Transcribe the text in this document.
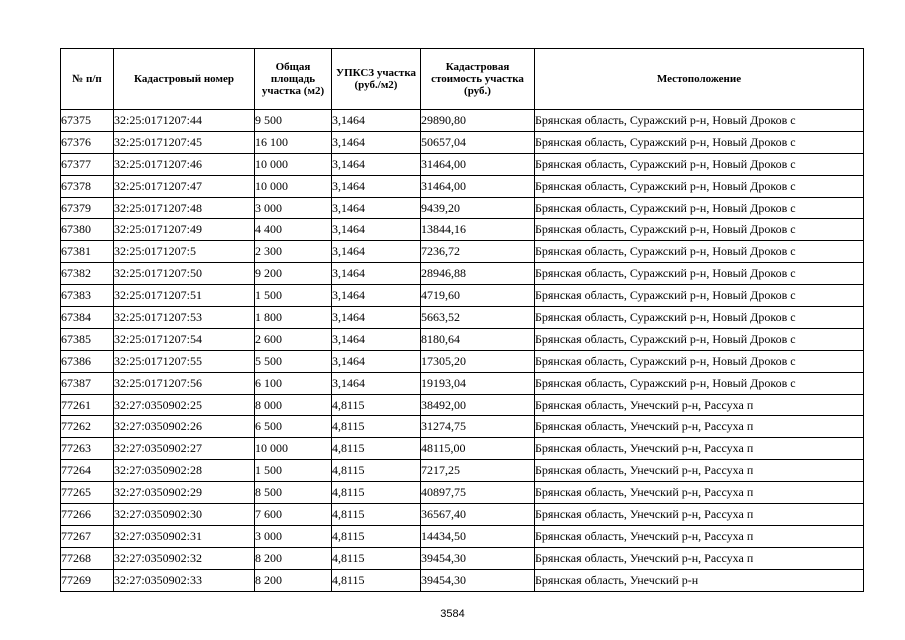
№ п/п	Кадастровый номер	Общая площадь участка (м2)	УПКСЗ участка (руб./м2)	Кадастровая стоимость участка (руб.)	Местоположение
67375	32:25:0171207:44	9 500	3,1464	29890,80	Брянская область, Суражский р-н, Новый Дроков с
67376	32:25:0171207:45	16 100	3,1464	50657,04	Брянская область, Суражский р-н, Новый Дроков с
67377	32:25:0171207:46	10 000	3,1464	31464,00	Брянская область, Суражский р-н, Новый Дроков с
67378	32:25:0171207:47	10 000	3,1464	31464,00	Брянская область, Суражский р-н, Новый Дроков с
67379	32:25:0171207:48	3 000	3,1464	9439,20	Брянская область, Суражский р-н, Новый Дроков с
67380	32:25:0171207:49	4 400	3,1464	13844,16	Брянская область, Суражский р-н, Новый Дроков с
67381	32:25:0171207:5	2 300	3,1464	7236,72	Брянская область, Суражский р-н, Новый Дроков с
67382	32:25:0171207:50	9 200	3,1464	28946,88	Брянская область, Суражский р-н, Новый Дроков с
67383	32:25:0171207:51	1 500	3,1464	4719,60	Брянская область, Суражский р-н, Новый Дроков с
67384	32:25:0171207:53	1 800	3,1464	5663,52	Брянская область, Суражский р-н, Новый Дроков с
67385	32:25:0171207:54	2 600	3,1464	8180,64	Брянская область, Суражский р-н, Новый Дроков с
67386	32:25:0171207:55	5 500	3,1464	17305,20	Брянская область, Суражский р-н, Новый Дроков с
67387	32:25:0171207:56	6 100	3,1464	19193,04	Брянская область, Суражский р-н, Новый Дроков с
77261	32:27:0350902:25	8 000	4,8115	38492,00	Брянская область, Унечский р-н, Рассуха п
77262	32:27:0350902:26	6 500	4,8115	31274,75	Брянская область, Унечский р-н, Рассуха п
77263	32:27:0350902:27	10 000	4,8115	48115,00	Брянская область, Унечский р-н, Рассуха п
77264	32:27:0350902:28	1 500	4,8115	7217,25	Брянская область, Унечский р-н, Рассуха п
77265	32:27:0350902:29	8 500	4,8115	40897,75	Брянская область, Унечский р-н, Рассуха п
77266	32:27:0350902:30	7 600	4,8115	36567,40	Брянская область, Унечский р-н, Рассуха п
77267	32:27:0350902:31	3 000	4,8115	14434,50	Брянская область, Унечский р-н, Рассуха п
77268	32:27:0350902:32	8 200	4,8115	39454,30	Брянская область, Унечский р-н, Рассуха п
77269	32:27:0350902:33	8 200	4,8115	39454,30	Брянская область, Унечский р-н
3584
